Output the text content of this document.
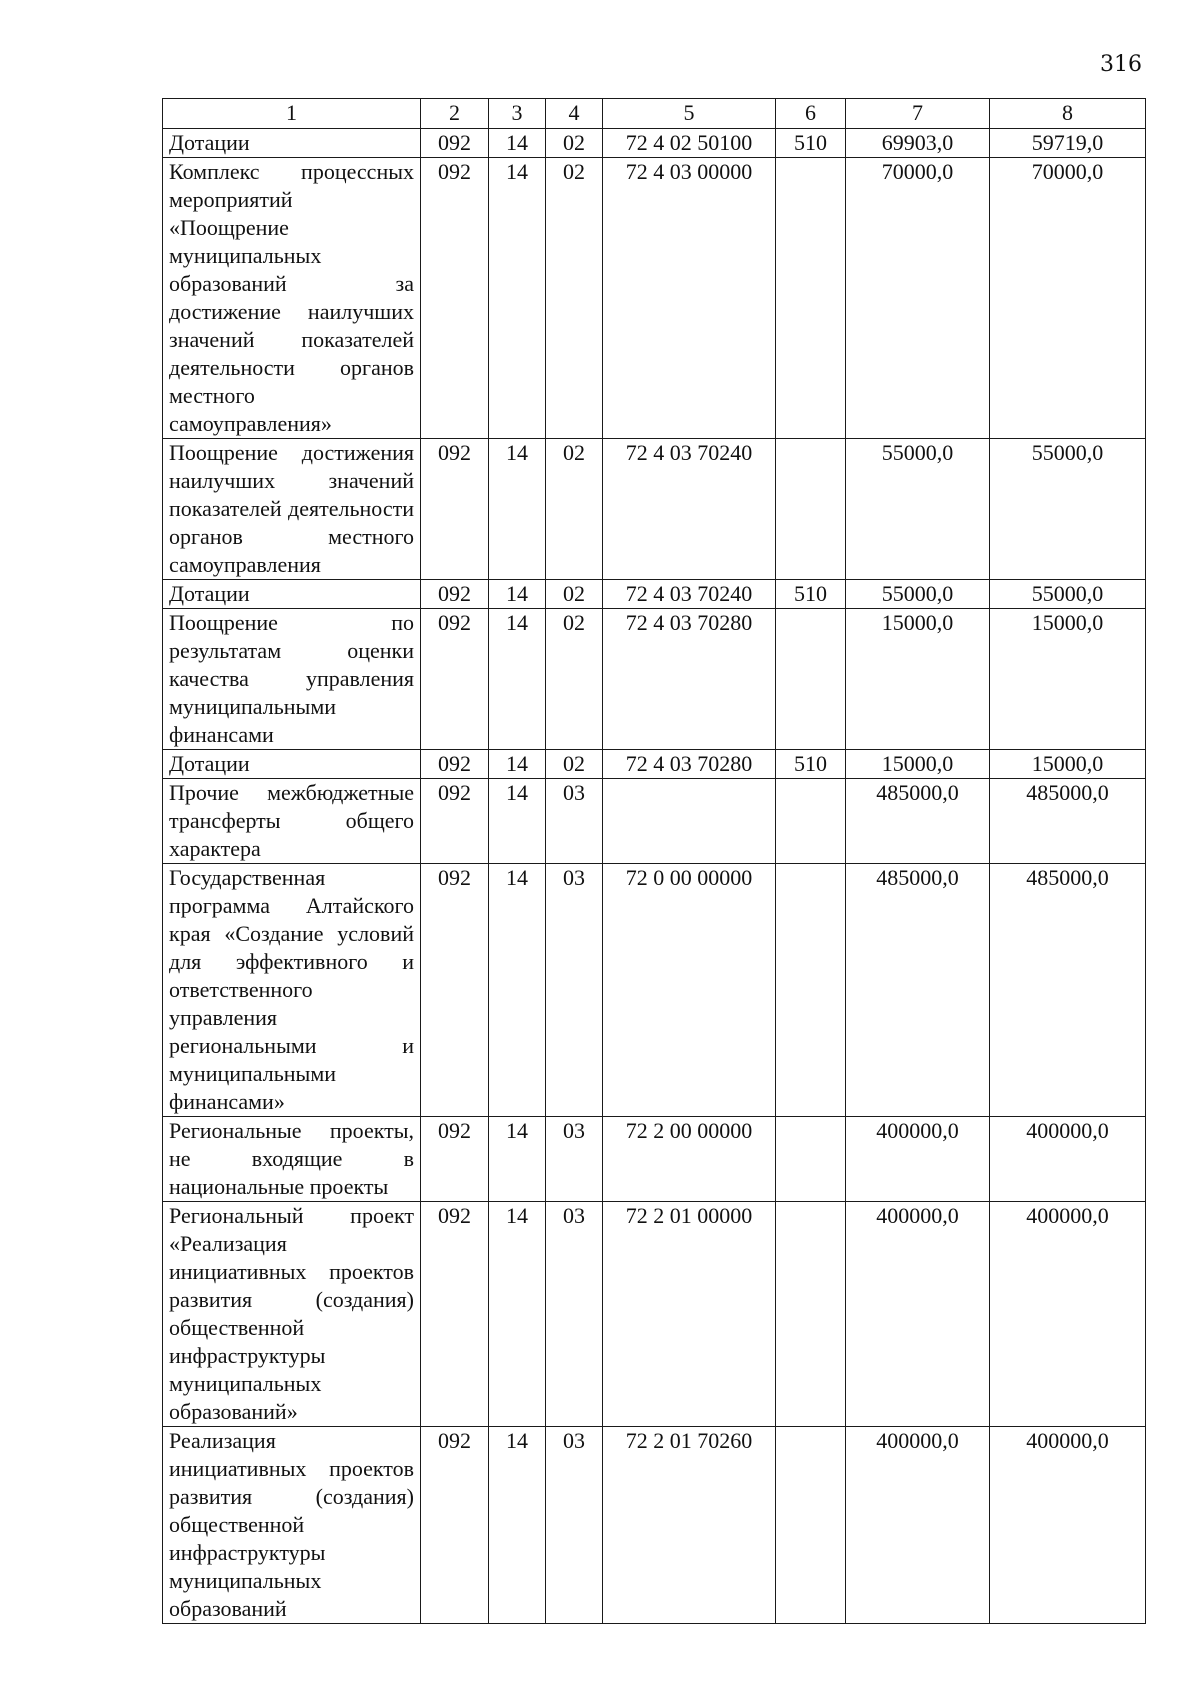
316
1	2	3	4	5	6	7	8
Дотации	092	14	02	72 4 02 50100	510	69903,0	59719,0
Комплекс процессных мероприятий «Поощрение муниципальных образований за достижение наилучших значений показателей деятельности органов местного самоуправления»	092	14	02	72 4 03 00000		70000,0	70000,0
Поощрение достижения наилучших значений показателей деятельности органов местного самоуправления	092	14	02	72 4 03 70240		55000,0	55000,0
Дотации	092	14	02	72 4 03 70240	510	55000,0	55000,0
Поощрение по результатам оценки качества управления муниципальными финансами	092	14	02	72 4 03 70280		15000,0	15000,0
Дотации	092	14	02	72 4 03 70280	510	15000,0	15000,0
Прочие межбюджетные трансферты общего характера	092	14	03			485000,0	485000,0
Государственная программа Алтайского края «Создание условий для эффективного и ответственного управления региональными и муниципальными финансами»	092	14	03	72 0 00 00000		485000,0	485000,0
Региональные проекты, не входящие в национальные проекты	092	14	03	72 2 00 00000		400000,0	400000,0
Региональный проект «Реализация инициативных проектов развития (создания) общественной инфраструктуры муниципальных образований»	092	14	03	72 2 01 00000		400000,0	400000,0
Реализация инициативных проектов развития (создания) общественной инфраструктуры муниципальных образований	092	14	03	72 2 01 70260		400000,0	400000,0
